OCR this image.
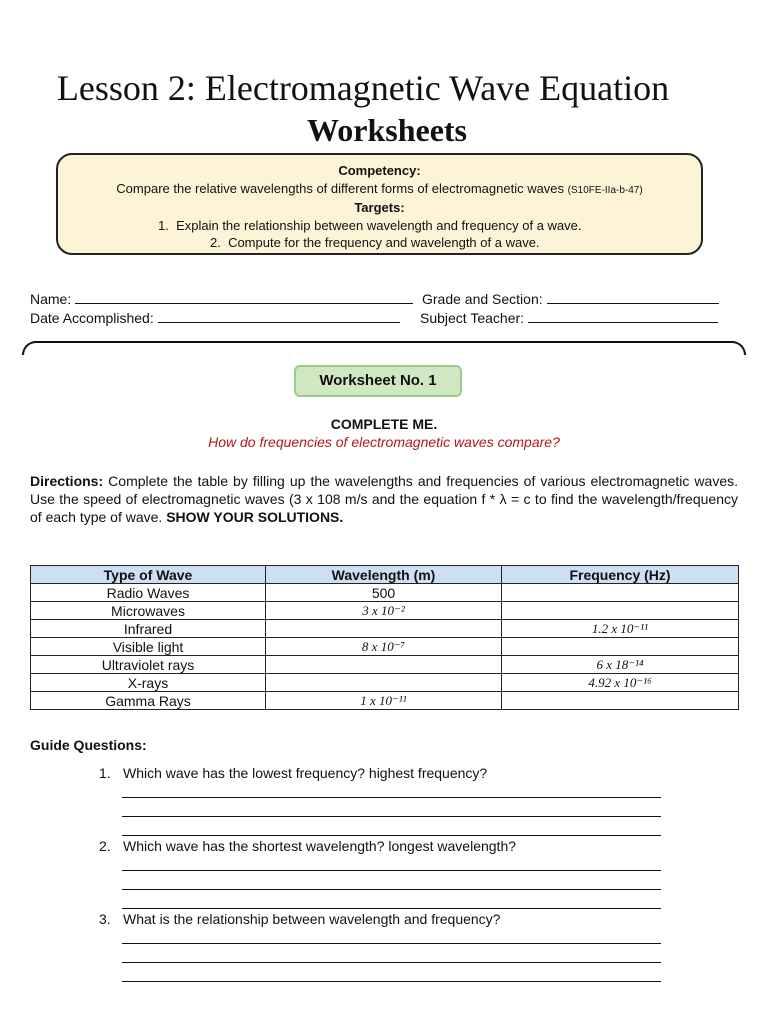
Lesson 2: Electromagnetic Wave Equation
Worksheets
Competency:
Compare the relative wavelengths of different forms of electromagnetic waves (S10FE-IIa-b-47)
Targets:
1.  Explain the relationship between wavelength and frequency of a wave.
2.  Compute for the frequency and wavelength of a wave.
Name:	Grade and Section:
Date Accomplished:	Subject Teacher:
Worksheet No. 1
COMPLETE ME.
How do frequencies of electromagnetic waves compare?
Directions: Complete the table by filling up the wavelengths and frequencies of various electromagnetic waves. Use the speed of electromagnetic waves (3 x 108 m/s and the equation f * λ = c to find the wavelength/frequency of each type of wave. SHOW YOUR SOLUTIONS.
Type of Wave	Wavelength (m)	Frequency (Hz)
Radio Waves	500	
Microwaves	3 x 10⁻²	
Infrared		1.2 x 10⁻¹¹
Visible light	8 x 10⁻⁷	
Ultraviolet rays		6 x 18⁻¹⁴
X-rays		4.92 x 10⁻¹⁶
Gamma Rays	1 x 10⁻¹¹	
Guide Questions:
1. Which wave has the lowest frequency? highest frequency?
2. Which wave has the shortest wavelength? longest wavelength?
3. What is the relationship between wavelength and frequency?
